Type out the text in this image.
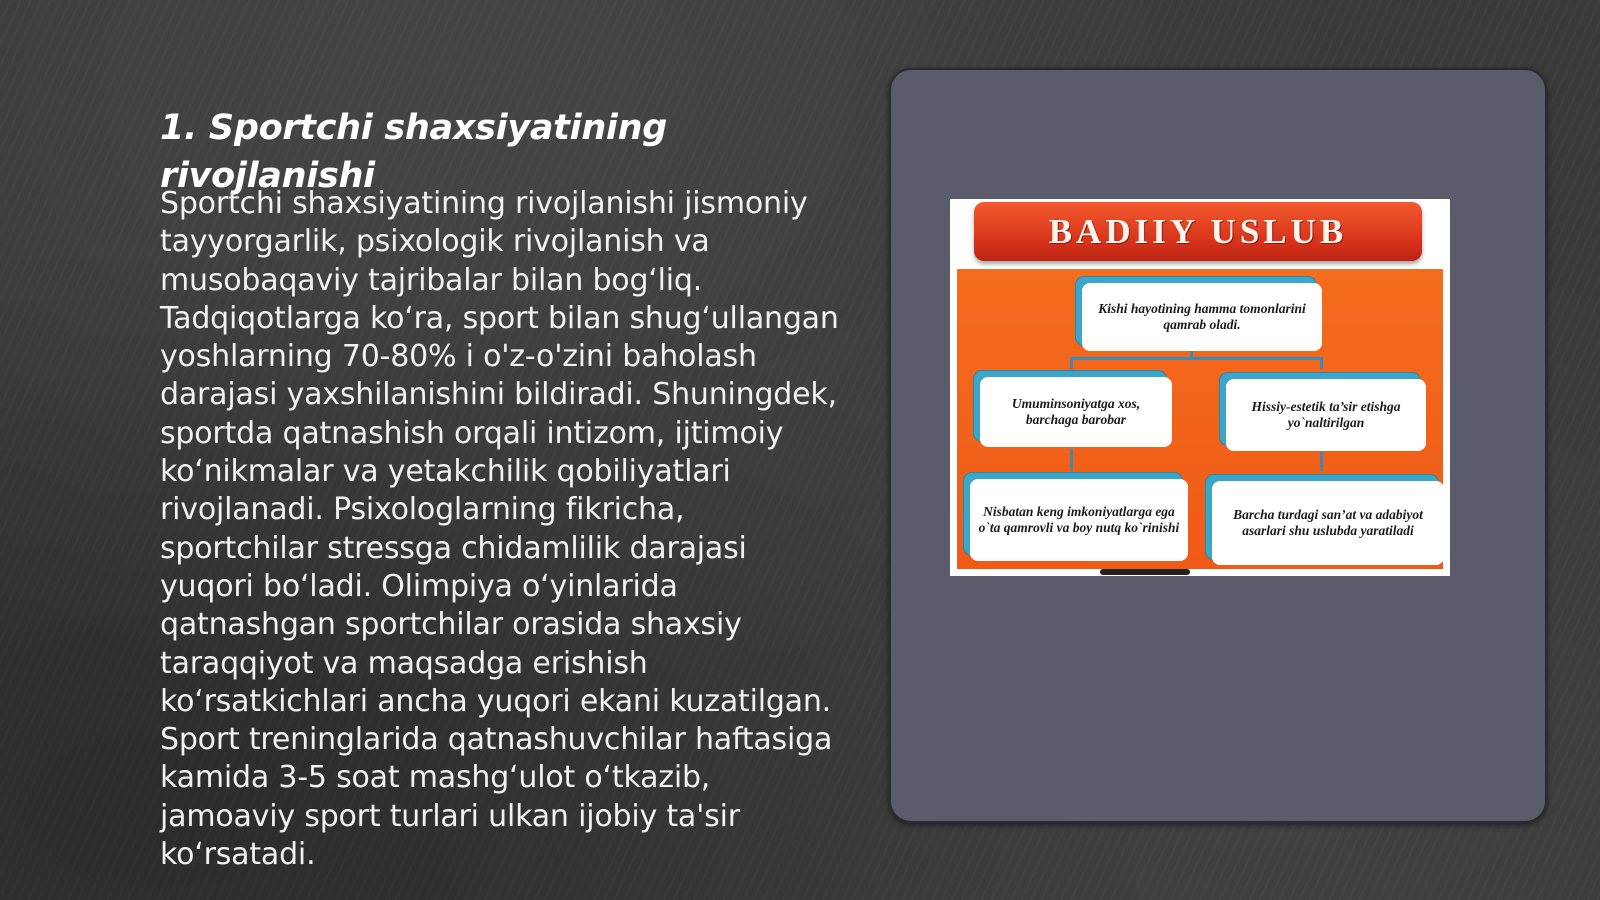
1. Sportchi shaxsiyatining rivojlanishi

Sportchi shaxsiyatining rivojlanishi jismoniy tayyorgarlik, psixologik rivojlanish va musobaqaviy tajribalar bilan bog‘liq. Tadqiqotlarga ko‘ra, sport bilan shug‘ullangan yoshlarning 70-80% i o'z-o'zini baholash darajasi yaxshilanishini bildiradi. Shuningdek, sportda qatnashish orqali intizom, ijtimoiy ko‘nikmalar va yetakchilik qobiliyatlari rivojlanadi. Psixologlarning fikricha, sportchilar stressga chidamlilik darajasi yuqori bo‘ladi. Olimpiya o‘yinlarida qatnashgan sportchilar orasida shaxsiy taraqqiyot va maqsadga erishish ko‘rsatkichlari ancha yuqori ekani kuzatilgan. Sport treninglarida qatnashuvchilar haftasiga kamida 3-5 soat mashg‘ulot o‘tkazib, jamoaviy sport turlari ulkan ijobiy ta'sir ko‘rsatadi.

BADIIY USLUB
Kishi hayotining hamma tomonlarini qamrab oladi.
Umuminsoniyatga xos, barchaga barobar
Hissiy-estetik ta’sir etishga yo`naltirilgan
Nisbatan keng imkoniyatlarga ega o`ta qamrovli va boy nutq ko`rinishi
Barcha turdagi san’at va adabiyot asarlari shu uslubda yaratiladi
